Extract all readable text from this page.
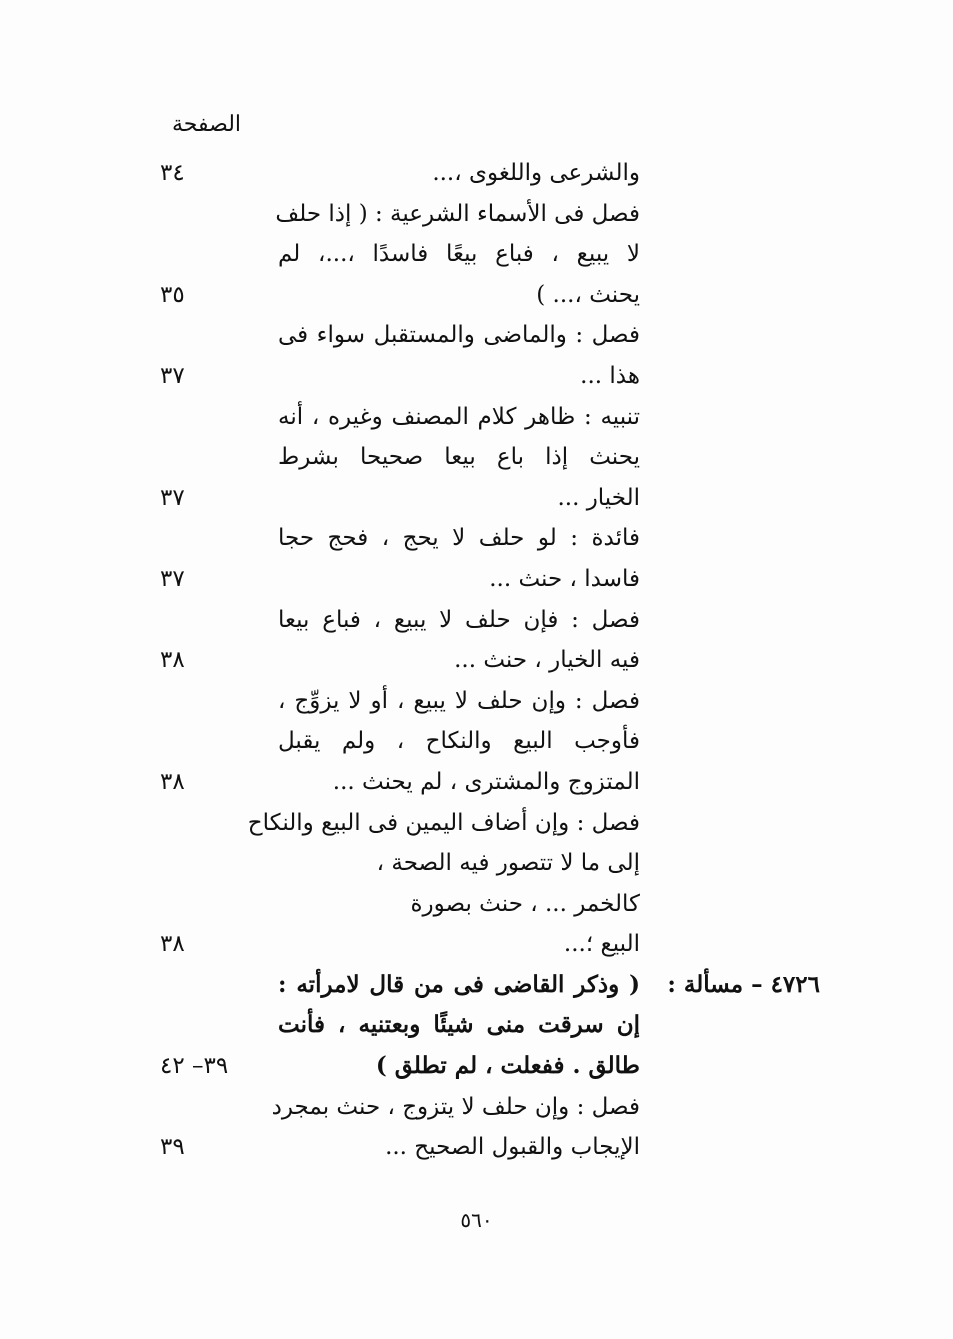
الصفحة
والشرعى واللغوى ،...
٣٤
فصل فى الأسماء الشرعية : ( إذا حلف
لا يبيع ، فباع بيعًا فاسدًا ،...، لم
يحنث ،... )
٣٥
فصل : والماضى والمستقبل سواء فى
هذا ...
٣٧
تنبيه : ظاهر كلام المصنف وغيره ، أنه
يحنث إذا باع بيعا صحيحا بشرط
الخيار ...
٣٧
فائدة : لو حلف لا يحج ، فحج حجا
فاسدا ، حنث ...
٣٧
فصل : فإن حلف لا يبيع ، فباع بيعا
فيه الخيار ، حنث ...
٣٨
فصل : وإن حلف لا يبيع ، أو لا يزوِّج ،
فأوجب البيع والنكاح ، ولم يقبل
المتزوج والمشترى ، لم يحنث ...
٣٨
فصل : وإن أضاف اليمين فى البيع والنكاح
إلى ما لا تتصور فيه الصحة ،
كالخمر ... ، حنث بصورة
البيع ؛...
٣٨
٤٧٢٦ – مسألة :
( وذكر القاضى فى من قال لامرأته :
إن سرقت منى شيئًا وبعتنيه ، فأنت
طالق . ففعلت ، لم تطلق )
٣٩– ٤٢
فصل : وإن حلف لا يتزوج ، حنث بمجرد
الإيجاب والقبول الصحيح ...
٣٩
٥٦٠
